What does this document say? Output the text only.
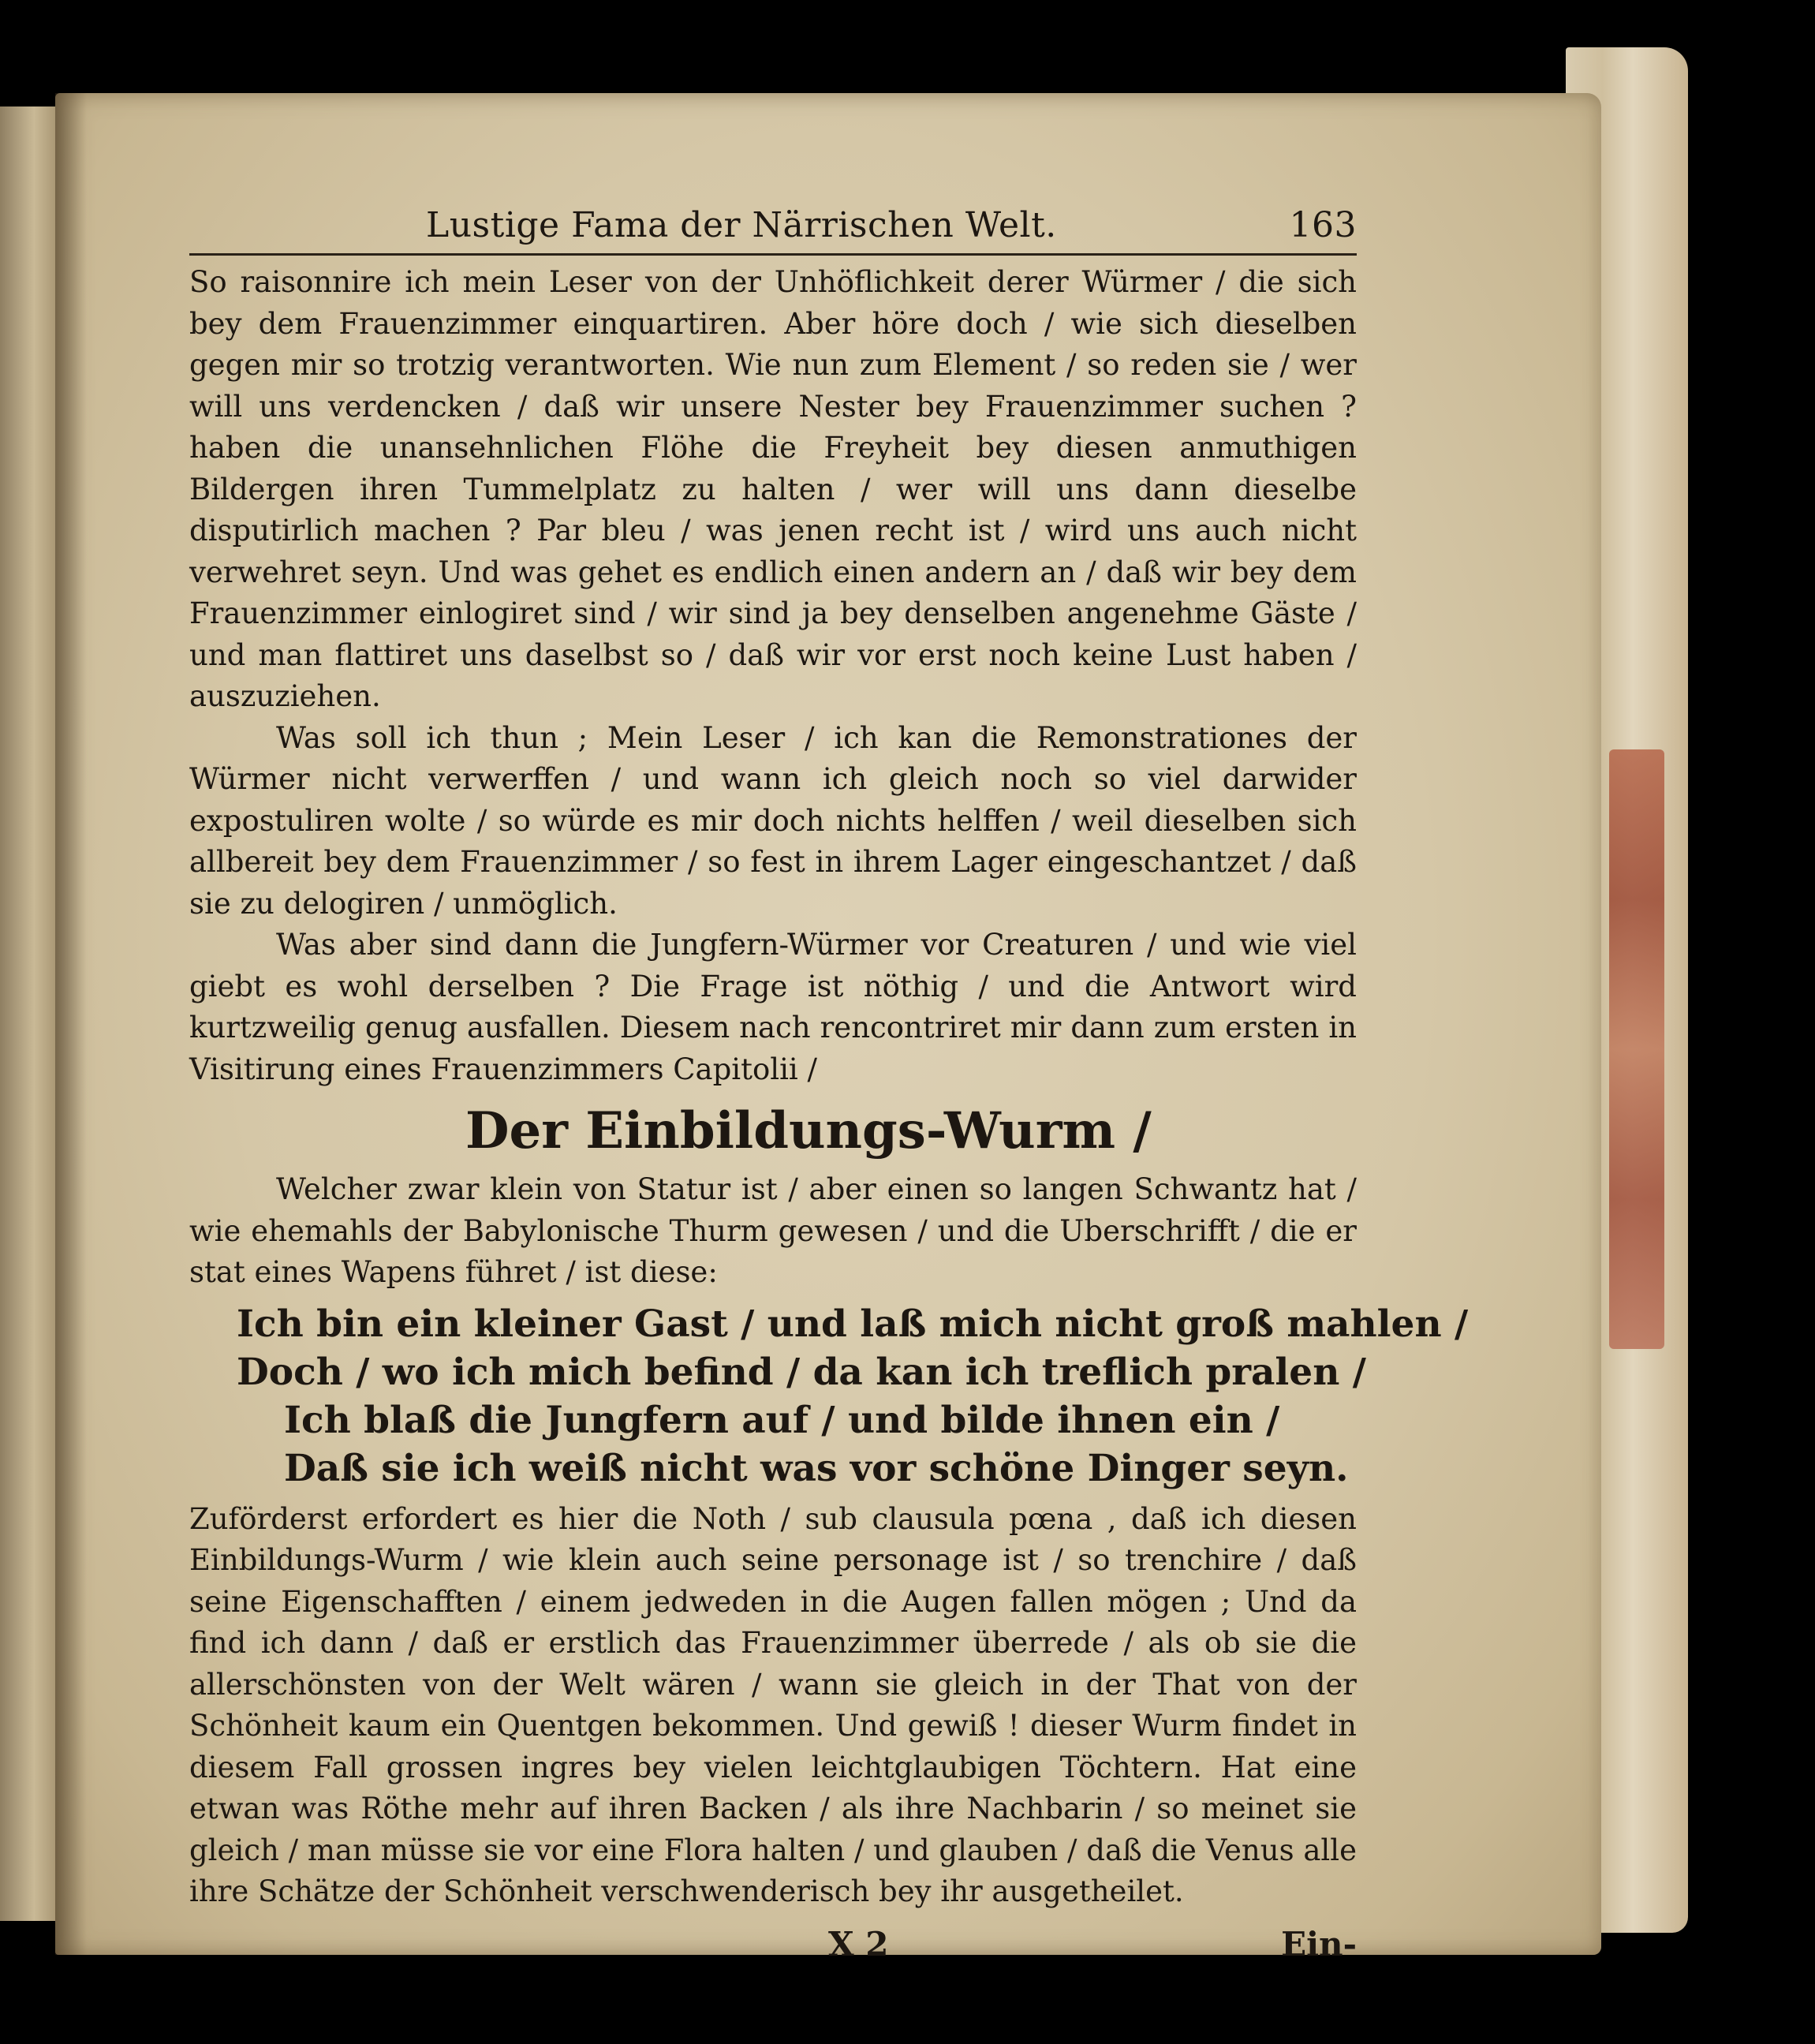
Lustige Fama der Närrischen Welt.	163

So raisonnire ich mein Leser von der Unhöflichkeit derer Würmer / die sich bey dem Frauenzimmer einquartiren. Aber höre doch / wie sich dieselben gegen mir so trotzig verantworten. Wie nun zum Element / so reden sie / wer will uns verdencken / daß wir unsere Nester bey Frauenzimmer suchen ? haben die unansehnlichen Flöhe die Freyheit bey diesen anmuthigen Bildergen ihren Tummelplatz zu halten / wer will uns dann dieselbe disputirlich machen ? Par bleu / was jenen recht ist / wird uns auch nicht verwehret seyn. Und was gehet es endlich einen andern an / daß wir bey dem Frauenzimmer einlogiret sind / wir sind ja bey denselben angenehme Gäste / und man flattiret uns daselbst so / daß wir vor erst noch keine Lust haben / auszuziehen.

Was soll ich thun ; Mein Leser / ich kan die Remonstrationes der Würmer nicht verwerffen / und wann ich gleich noch so viel darwider expostuliren wolte / so würde es mir doch nichts helffen / weil dieselben sich allbereit bey dem Frauenzimmer / so fest in ihrem Lager eingeschantzet / daß sie zu delogiren / unmöglich.

Was aber sind dann die Jungfern-Würmer vor Creaturen / und wie viel giebt es wohl derselben ? Die Frage ist nöthig / und die Antwort wird kurtzweilig genug ausfallen. Diesem nach rencontriret mir dann zum ersten in Visitirung eines Frauenzimmers Capitolii /

Der Einbildungs-Wurm /

Welcher zwar klein von Statur ist / aber einen so langen Schwantz hat / wie ehemahls der Babylonische Thurm gewesen / und die Uberschrifft / die er stat eines Wapens führet / ist diese:

Ich bin ein kleiner Gast / und laß mich nicht groß mahlen /
Doch / wo ich mich befind / da kan ich treflich pralen /
Ich blaß die Jungfern auf / und bilde ihnen ein /
Daß sie ich weiß nicht was vor schöne Dinger seyn.

Zuförderst erfordert es hier die Noth / sub clausula pœna , daß ich diesen Einbildungs-Wurm / wie klein auch seine personage ist / so trenchire / daß seine Eigenschafften / einem jedweden in die Augen fallen mögen ; Und da find ich dann / daß er erstlich das Frauenzimmer überrede / als ob sie die allerschönsten von der Welt wären / wann sie gleich in der That von der Schönheit kaum ein Quentgen bekommen. Und gewiß ! dieser Wurm findet in diesem Fall grossen ingres bey vielen leichtglaubigen Töchtern. Hat eine etwan was Röthe mehr auf ihren Backen / als ihre Nachbarin / so meinet sie gleich / man müsse sie vor eine Flora halten / und glauben / daß die Venus alle ihre Schätze der Schönheit verschwenderisch bey ihr ausgetheilet.

X 2	Ein-
